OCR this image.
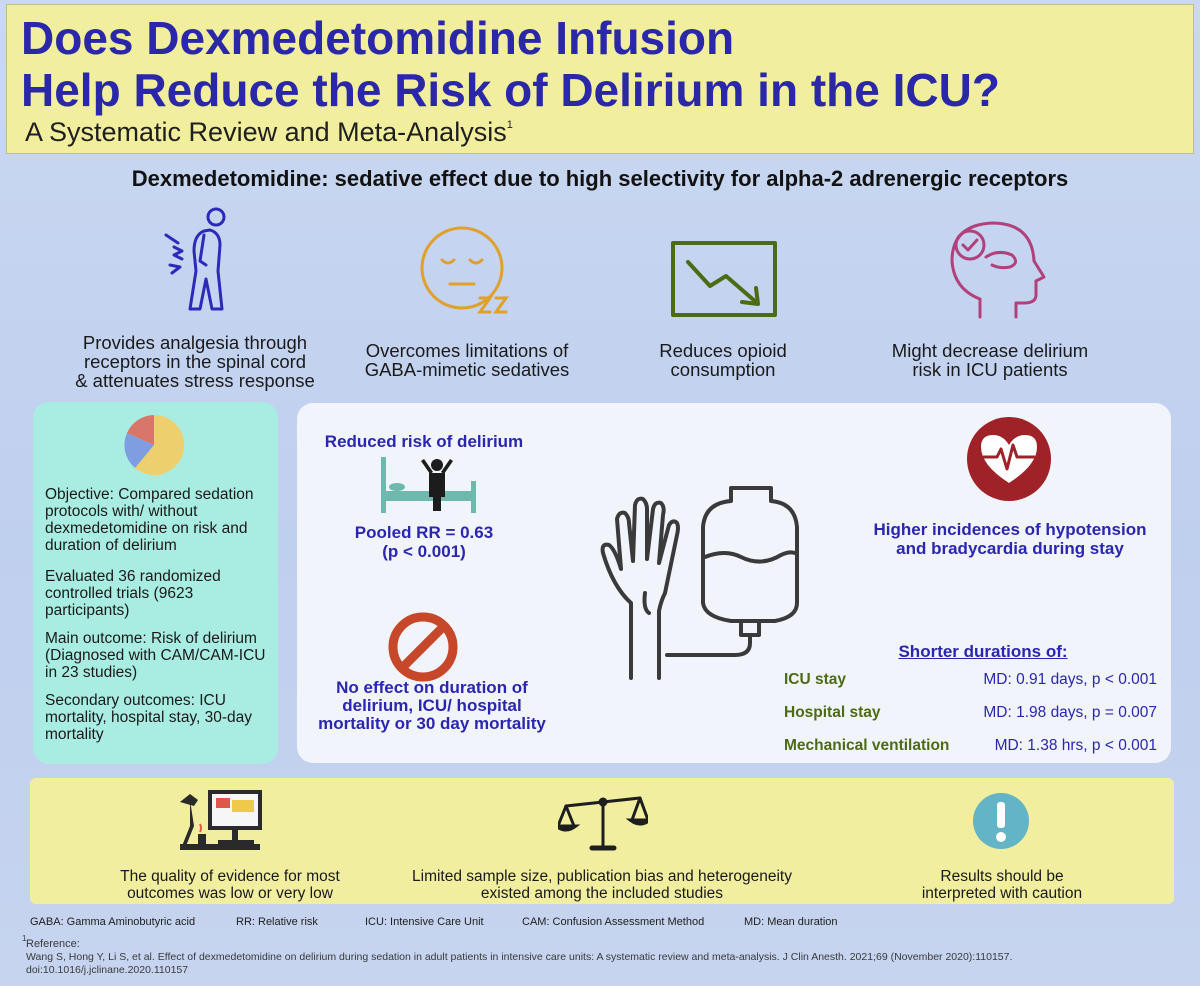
Does Dexmedetomidine Infusion
Help Reduce the Risk of Delirium in the ICU?
A Systematic Review and Meta-Analysis$^1$
Dexmedetomidine: sedative effect due to high selectivity for alpha-2 adrenergic receptors
Provides analgesia through
receptors in the spinal cord
& attenuates stress response
Overcomes limitations of
GABA-mimetic sedatives
Reduces opioid
consumption
Might decrease delirium
risk in ICU patients
Objective: Compared sedation protocols with/ without dexmedetomidine on risk and duration of delirium
Evaluated 36 randomized controlled trials (9623 participants)
Main outcome: Risk of delirium (Diagnosed with CAM/CAM-ICU in 23 studies)
Secondary outcomes: ICU mortality, hospital stay, 30-day mortality
Reduced risk of delirium
Pooled RR = 0.63
(p < 0.001)
No effect on duration of
delirium, ICU/ hospital
mortality or 30 day mortality
Higher incidences of hypotension
and bradycardia during stay
Shorter durations of:
ICU stay	MD: 0.91 days, p < 0.001
Hospital stay	MD: 1.98 days, p = 0.007
Mechanical ventilation	MD: 1.38 hrs, p < 0.001
The quality of evidence for most
outcomes was low or very low
Limited sample size, publication bias and heterogeneity
existed among the included studies
Results should be
interpreted with caution
GABA: Gamma Aminobutyric acid	RR: Relative risk	ICU: Intensive Care Unit	CAM: Confusion Assessment Method	MD: Mean duration
1 Reference:
Wang S, Hong Y, Li S, et al. Effect of dexmedetomidine on delirium during sedation in adult patients in intensive care units: A systematic review and meta-analysis. J Clin Anesth. 2021;69 (November 2020):110157.
doi:10.1016/j.jclinane.2020.110157
